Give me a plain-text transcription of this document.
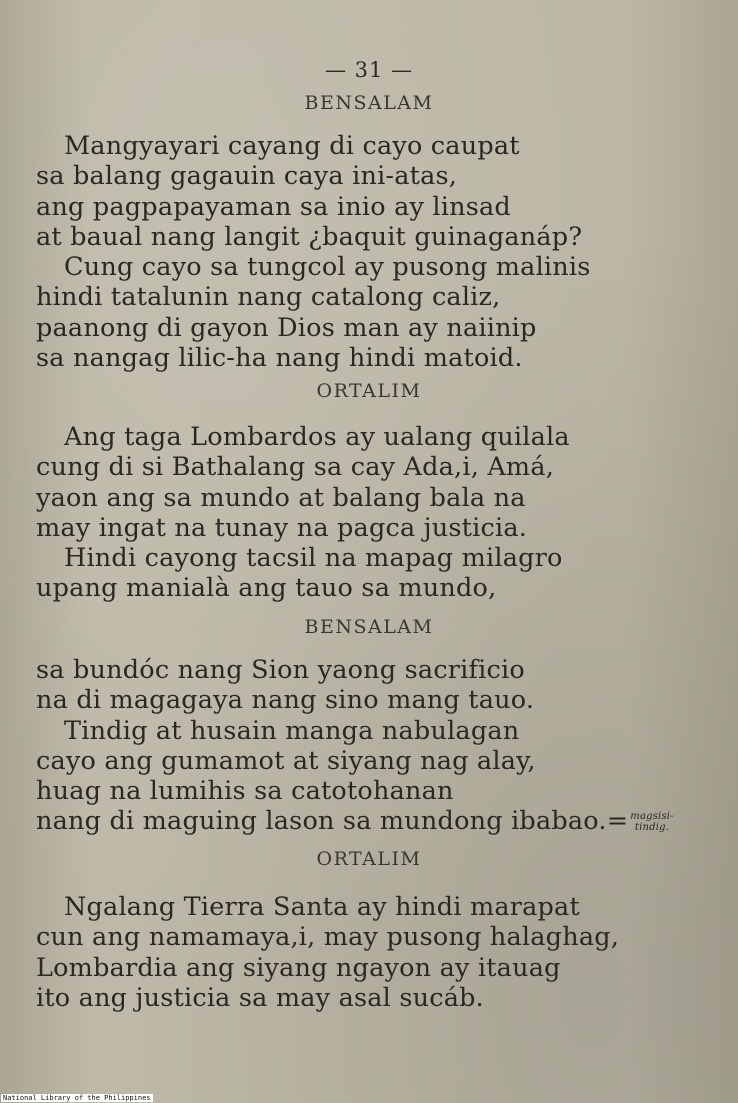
— 31 —
BENSALAM
Mangyayari cayang di cayo caupat
sa balang gagauin caya ini-atas,
ang pagpapayaman sa inio ay linsad
at baual nang langit ¿baquit guinaganáp?
Cung cayo sa tungcol ay pusong malinis
hindi tatalunin nang catalong caliz,
paanong di gayon Dios man ay naiinip
sa nangag lilic-ha nang hindi matoid.
ORTALIM
Ang taga Lombardos ay ualang quilala
cung di si Bathalang sa cay Ada,i, Amá,
yaon ang sa mundo at balang bala na
may ingat na tunay na pagca justicia.
Hindi cayong tacsil na mapag milagro
upang manialà ang tauo sa mundo,
BENSALAM
sa bundóc nang Sion yaong sacrificio
na di magagaya nang sino mang tauo.
Tindig at husain manga nabulagan
cayo ang gumamot at siyang nag alay,
huag na lumihis sa catotohanan
nang di maguing lason sa mundong ibabao.= magsisi-
tindig.
ORTALIM
Ngalang Tierra Santa ay hindi marapat
cun ang namamaya,i, may pusong halaghag,
Lombardia ang siyang ngayon ay itauag
ito ang justicia sa may asal sucáb.
National Library of the Philippines
